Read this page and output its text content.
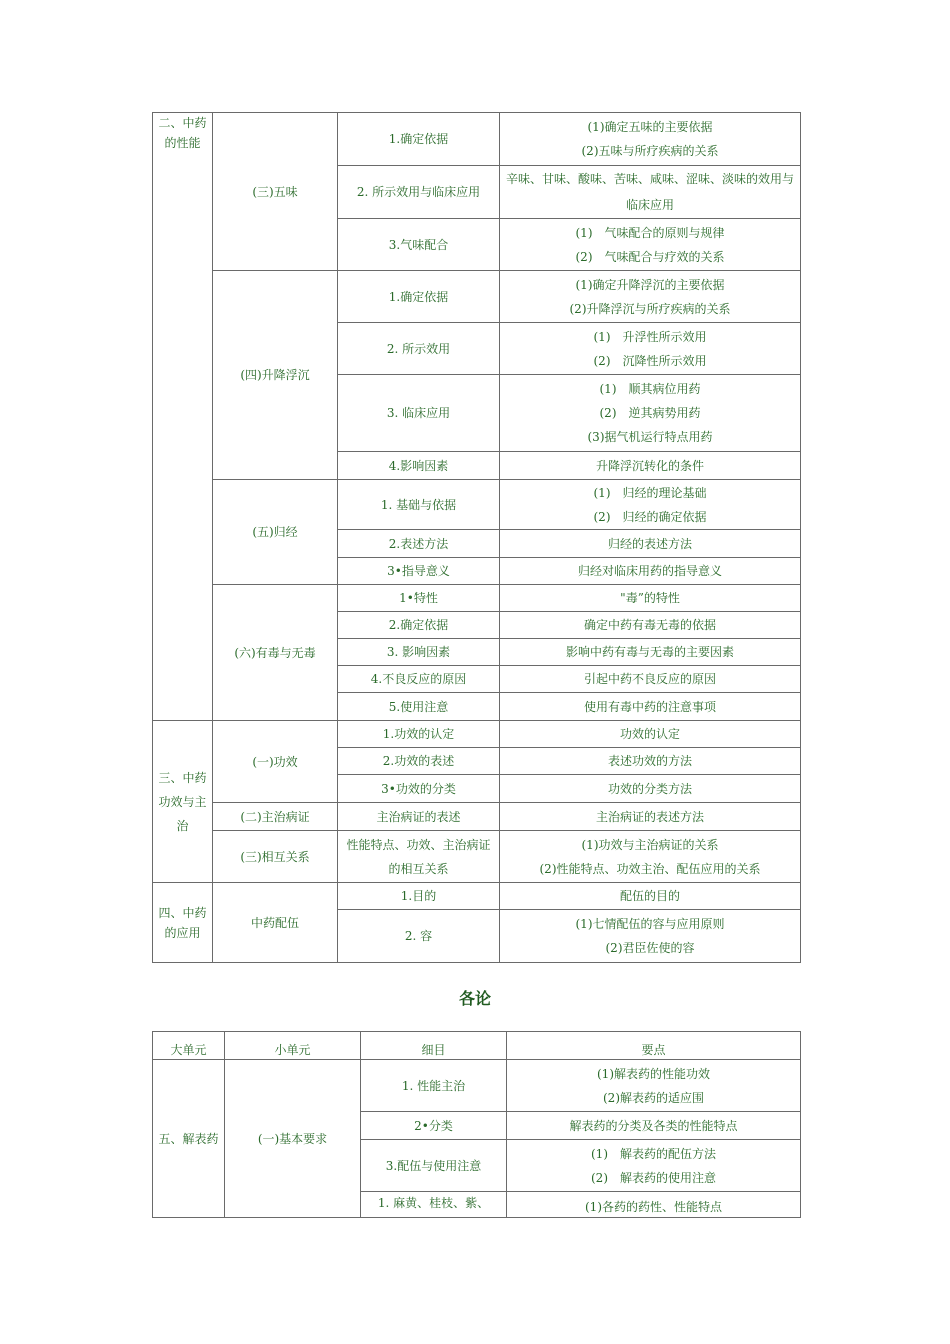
二、中药的性能	(三)五味	1.确定依据	(1)确定五味的主要依据
(2)五味与所疗疾病的关系

		2. 所示效用与临床应用	辛味、甘味、酸味、苦味、咸味、涩味、淡味的效用与临床应用
		3.气味配合	(1)　气味配合的原则与规律
(2)　气味配合与疗效的关系

	(四)升降浮沉	1.确定依据	(1)确定升降浮沉的主要依据
(2)升降浮沉与所疗疾病的关系

		2. 所示效用	(1)　升浮性所示效用
(2)　沉降性所示效用

		3. 临床应用	(1)　顺其病位用药
(2)　逆其病势用药
(3)据气机运行特点用药

		4.影响因素	升降浮沉转化的条件
	(五)归经	1. 基础与依据	(1)　归经的理论基础
(2)　归经的确定依据

		2.表述方法	归经的表述方法
		3•指导意义	归经对临床用药的指导意义
	(六)有毒与无毒	1•特性	"毒”的特性
		2.确定依据	确定中药有毒无毒的依据
		3. 影响因素	影响中药有毒与无毒的主要因素
		4.不良反应的原因	引起中药不良反应的原因
		5.使用注意	使用有毒中药的注意事项
三、中药功效与主治	(一)功效	1.功效的认定	功效的认定
		2.功效的表述	表述功效的方法
		3•功效的分类	功效的分类方法
	(二)主治病证	主治病证的表述	主治病证的表述方法
	(三)相互关系	性能特点、功效、主治病证的相互关系	(1)功效与主治病证的关系
(2)性能特点、功效主治、配伍应用的关系

四、中药的应用	中药配伍	1.目的	配伍的目的
		2. 容	(1)七情配伍的容与应用原则
(2)君臣佐使的容
各论
大单元	小单元	细目	要点
五、解表药	(一)基本要求	1. 性能主治	(1)解表药的性能功效
(2)解表药的适应围

		2•分类	解表药的分类及各类的性能特点
		3.配伍与使用注意	(1)　解表药的配伍方法
(2)　解表药的使用注意

		1. 麻黄、桂枝、紫、	(1)各药的药性、性能特点
